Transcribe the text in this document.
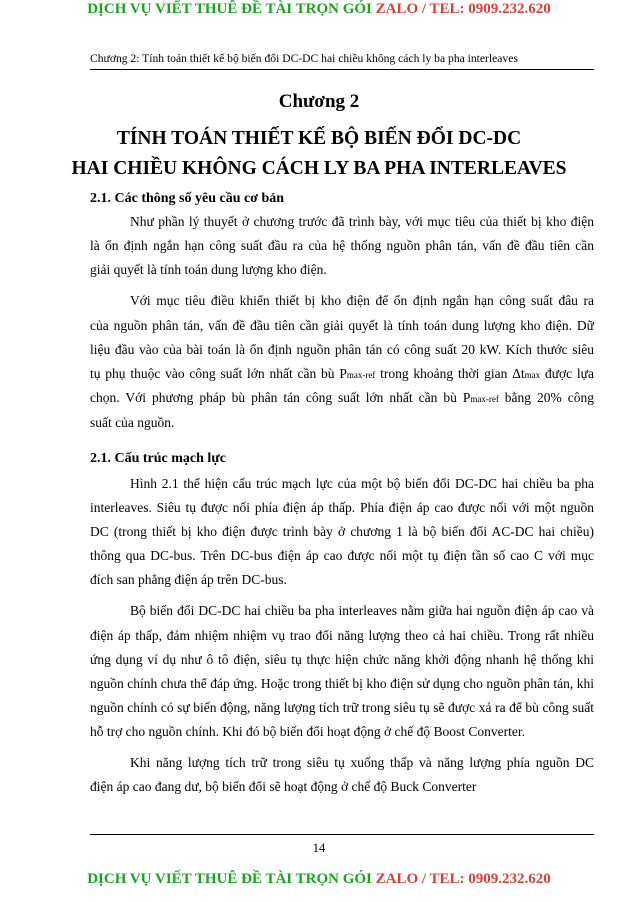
DỊCH VỤ VIẾT THUÊ ĐỀ TÀI TRỌN GÓI ZALO / TEL: 0909.232.620
Chương 2: Tính toán thiết kế bộ biến đổi DC-DC hai chiều không cách ly ba pha interleaves
Chương 2
TÍNH TOÁN THIẾT KẾ BỘ BIẾN ĐỔI DC-DC
HAI CHIỀU KHÔNG CÁCH LY BA PHA INTERLEAVES
2.1. Các thông số yêu cầu cơ bản
Như phần lý thuyết ở chương trước đã trình bày, với mục tiêu của thiết bị kho điện
là ổn định ngắn hạn công suất đầu ra của hệ thống nguồn phân tán, vấn đề đầu tiên cần
giải quyết là tính toán dung lượng kho điện.
Với mục tiêu điều khiển thiết bị kho điện để ổn định ngắn hạn công suất đâu ra
của nguồn phân tán, vấn đề đầu tiên cần giải quyết là tính toán dung lượng kho điện. Dữ
liệu đầu vào của bài toán là ổn định nguồn phân tán có công suất 20 kW. Kích thước siêu
tụ phụ thuộc vào công suất lớn nhất cần bù Pmax-ref trong khoảng thời gian Δtmax được lựa
chọn. Với phương pháp bù phân tán công suất lớn nhất cần bù Pmax-ref bằng 20% công
suất của nguồn.
2.1. Cấu trúc mạch lực
Hình 2.1 thể hiện cấu trúc mạch lực của một bộ biến đổi DC-DC hai chiều ba pha
interleaves. Siêu tụ được nối phía điện áp thấp. Phía điện áp cao được nối với một nguồn
DC (trong thiết bị kho điện được trình bày ở chương 1 là bộ biến đổi AC-DC hai chiều)
thông qua DC-bus. Trên DC-bus điện áp cao được nối một tụ điện tần số cao C với mục
đích san phẳng điện áp trên DC-bus.
Bộ biến đổi DC-DC hai chiều ba pha interleaves nằm giữa hai nguồn điện áp cao và
điện áp thấp, đảm nhiệm nhiệm vụ trao đổi năng lượng theo cả hai chiều. Trong rất nhiều
ứng dụng ví dụ như ô tô điện, siêu tụ thực hiện chức năng khởi động nhanh hệ thống khi
nguồn chính chưa thể đáp ứng. Hoặc trong thiết bị kho điện sử dụng cho nguồn phân tán, khi
nguồn chính có sự biến động, năng lượng tích trữ trong siêu tụ sẽ được xả ra để bù công suất
hỗ trợ cho nguồn chính. Khi đó bộ biến đổi hoạt động ở chế độ Boost Converter.
Khi năng lượng tích trữ trong siêu tụ xuống thấp và năng lượng phía nguồn DC
điện áp cao đang dư, bộ biến đổi sẽ hoạt động ở chế độ Buck Converter
14
DỊCH VỤ VIẾT THUÊ ĐỀ TÀI TRỌN GÓI ZALO / TEL: 0909.232.620
